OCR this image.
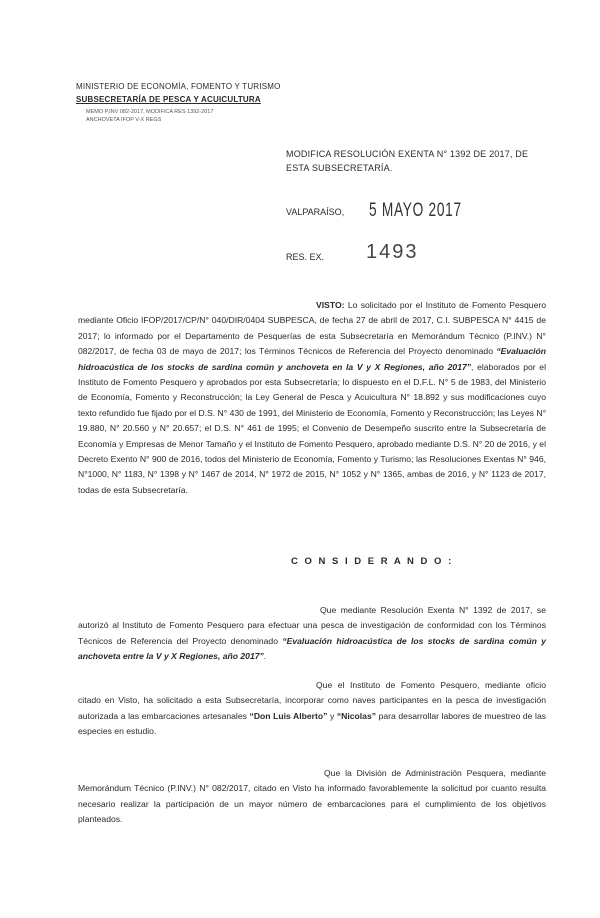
MINISTERIO DE ECONOMÍA, FOMENTO Y TURISMO
SUBSECRETARÍA DE PESCA Y ACUICULTURA
MEMO P.INV 082-2017, MODIFICA RES 1392-2017
ANCHOVETA IFOP V-X REGS
MODIFICA RESOLUCIÓN EXENTA N° 1392 DE 2017, DE ESTA SUBSECRETARÍA.
VALPARAÍSO, 5 MAYO 2017
RES. EX. 1493
VISTO: Lo solicitado por el Instituto de Fomento Pesquero mediante Oficio IFOP/2017/CP/N° 040/DIR/0404 SUBPESCA, de fecha 27 de abril de 2017, C.I. SUBPESCA N° 4415 de 2017; lo informado por el Departamento de Pesquerías de esta Subsecretaría en Memorándum Técnico (P.INV.) N° 082/2017, de fecha 03 de mayo de 2017; los Términos Técnicos de Referencia del Proyecto denominado “Evaluación hidroacústica de los stocks de sardina común y anchoveta en la V y X Regiones, año 2017”, elaborados por el Instituto de Fomento Pesquero y aprobados por esta Subsecretaría; lo dispuesto en el D.F.L. N° 5 de 1983, del Ministerio de Economía, Fomento y Reconstrucción; la Ley General de Pesca y Acuicultura N° 18.892 y sus modificaciones cuyo texto refundido fue fijado por el D.S. N° 430 de 1991, del Ministerio de Economía, Fomento y Reconstrucción; las Leyes N° 19.880, N° 20.560 y N° 20.657; el D.S. N° 461 de 1995; el Convenio de Desempeño suscrito entre la Subsecretaría de Economía y Empresas de Menor Tamaño y el Instituto de Fomento Pesquero, aprobado mediante D.S. N° 20 de 2016, y el Decreto Exento N° 900 de 2016, todos del Ministerio de Economía, Fomento y Turismo; las Resoluciones Exentas N° 946, N°1000, N° 1183, N° 1398 y N° 1467 de 2014, N° 1972 de 2015, N° 1052 y N° 1365, ambas de 2016, y N° 1123 de 2017, todas de esta Subsecretaría.
C O N S I D E R A N D O :
Que mediante Resolución Exenta N° 1392 de 2017, se autorizó al Instituto de Fomento Pesquero para efectuar una pesca de investigación de conformidad con los Términos Técnicos de Referencia del Proyecto denominado “Evaluación hidroacústica de los stocks de sardina común y anchoveta entre la V y X Regiones, año 2017”.
Que el Instituto de Fomento Pesquero, mediante oficio citado en Visto, ha solicitado a esta Subsecretaría, incorporar como naves participantes en la pesca de investigación autorizada a las embarcaciones artesanales “Don Luis Alberto” y “Nicolas” para desarrollar labores de muestreo de las especies en estudio.
Que la División de Administración Pesquera, mediante Memorándum Técnico (P.INV.) N° 082/2017, citado en Visto ha informado favorablemente la solicitud por cuanto resulta necesario realizar la participación de un mayor número de embarcaciones para el cumplimiento de los objetivos planteados.
